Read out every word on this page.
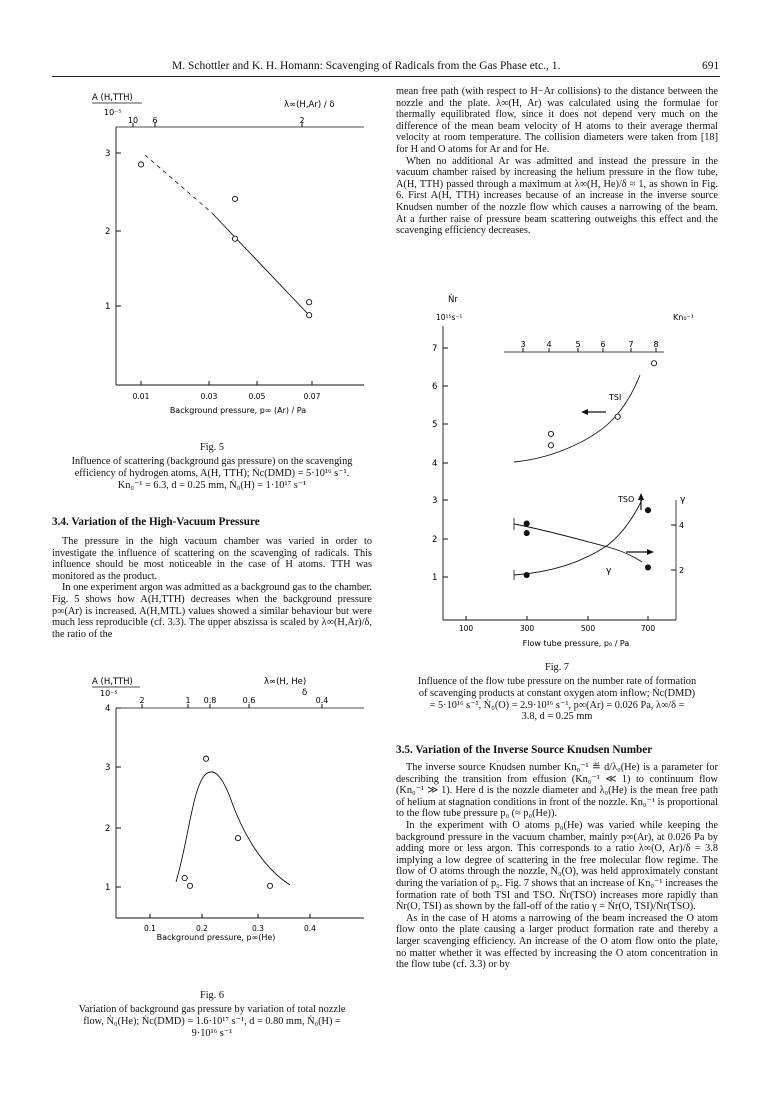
M. Schottler and K. H. Homann: Scavenging of Radicals from the Gas Phase etc., 1.	691
A (H,TTH)
10⁻⁵
λ∞(H,Ar) / δ
10 6	2
3
2
1
0.01	0.03	0.05	0.07
Background pressure, p∞ (Ar) / Pa
Fig. 5
Influence of scattering (background gas pressure) on the scavenging
efficiency of hydrogen atoms, A(H, TTH); Ṅc(DMD) = 5·10¹⁶ s⁻¹.
Kn₀⁻¹ = 6.3, d = 0.25 mm, Ṅ₀(H) = 1·10¹⁷ s⁻¹
3.4. Variation of the High-Vacuum Pressure

The pressure in the high vacuum chamber was varied in order to investigate the influence of scattering on the scavenging of radicals. This influence should be most noticeable in the case of H atoms. TTH was monitored as the product.

In one experiment argon was admitted as a background gas to the chamber. Fig. 5 shows how A(H,TTH) decreases when the background pressure p∞(Ar) is increased. A(H,MTL) values showed a similar behaviour but were much less reproducible (cf. 3.3). The upper abszissa is scaled by λ∞(H,Ar)/δ, the ratio of the

A (H,TTH)
10⁻⁵
λ∞(H, He)
δ
2	1 0.8	0.6	0.4
4
3
2
1
0.1	0.2	0.3	0.4
Background pressure, p∞(He)
Fig. 6
Variation of background gas pressure by variation of total nozzle
flow, Ṅ₀(He); Ṅc(DMD) = 1.6·10¹⁷ s⁻¹, d = 0.80 mm, Ṅ₀(H) =
9·10¹⁶ s⁻¹

mean free path (with respect to H−Ar collisions) to the distance between the nozzle and the plate. λ∞(H, Ar) was calculated using the formulae for thermally equilibrated flow, since it does not depend very much on the difference of the mean beam velocity of H atoms to their average thermal velocity at room temperature. The collision diameters were taken from [18] for H and O atoms for Ar and for He.

When no additional Ar was admitted and instead the pressure in the vacuum chamber raised by increasing the helium pressure in the flow tube, A(H, TTH) passed through a maximum at λ∞(H, He)/δ ≈ 1, as shown in Fig. 6. First A(H, TTH) increases because of an increase in the inverse source Knudsen number of the nozzle flow which causes a narrowing of the beam. At a further raise of pressure beam scattering outweighs this effect and the scavenging efficiency decreases.

Ṅr
10¹⁵s⁻¹	Kn₀⁻¹
3	4	5 6	7 8
7
6
5
4
3
2
1
100	300	500	700
Flow tube pressure, p₀ / Pa
4
2
γ
TSI
TSO
γ
Fig. 7
Influence of the flow tube pressure on the number rate of formation
of scavenging products at constant oxygen atom inflow; Ṅc(DMD)
= 5·10¹⁶ s⁻¹, Ṅ₀(O) = 2.9·10¹⁶ s⁻¹, p∞(Ar) = 0.026 Pa, λ∞/δ =
3.8, d = 0.25 mm
3.5. Variation of the Inverse Source Knudsen Number

The inverse source Knudsen number Kn₀⁻¹ ≝ d/λ₀(He) is a parameter for describing the transition from effusion (Kn₀⁻¹ ≪ 1) to continuum flow (Kn₀⁻¹ ≫ 1). Here d is the nozzle diameter and λ₀(He) is the mean free path of helium at stagnation conditions in front of the nozzle. Kn₀⁻¹ is proportional to the flow tube pressure p₀ (≈ p₀(He)).

In the experiment with O atoms p₀(He) was varied while keeping the background pressure in the vacuum chamber, mainly p∞(Ar), at 0.026 Pa by adding more or less argon. This corresponds to a ratio λ∞(O, Ar)/δ = 3.8 implying a low degree of scattering in the free molecular flow regime. The flow of O atoms through the nozzle, Ṅ₀(O), was held approximately constant during the variation of p₀. Fig. 7 shows that an increase of Kn₀⁻¹ increases the formation rate of both TSI and TSO. Ṅr(TSO) increases more rapidly than Ṅr(O, TSI) as shown by the fall-off of the ratio γ = Ṅr(O, TSI)/Ṅr(TSO).

As in the case of H atoms a narrowing of the beam increased the O atom flow onto the plate causing a larger product formation rate and thereby a larger scavenging efficiency. An increase of the O atom flow onto the plate, no matter whether it was effected by increasing the O atom concentration in the flow tube (cf. 3.3) or by
